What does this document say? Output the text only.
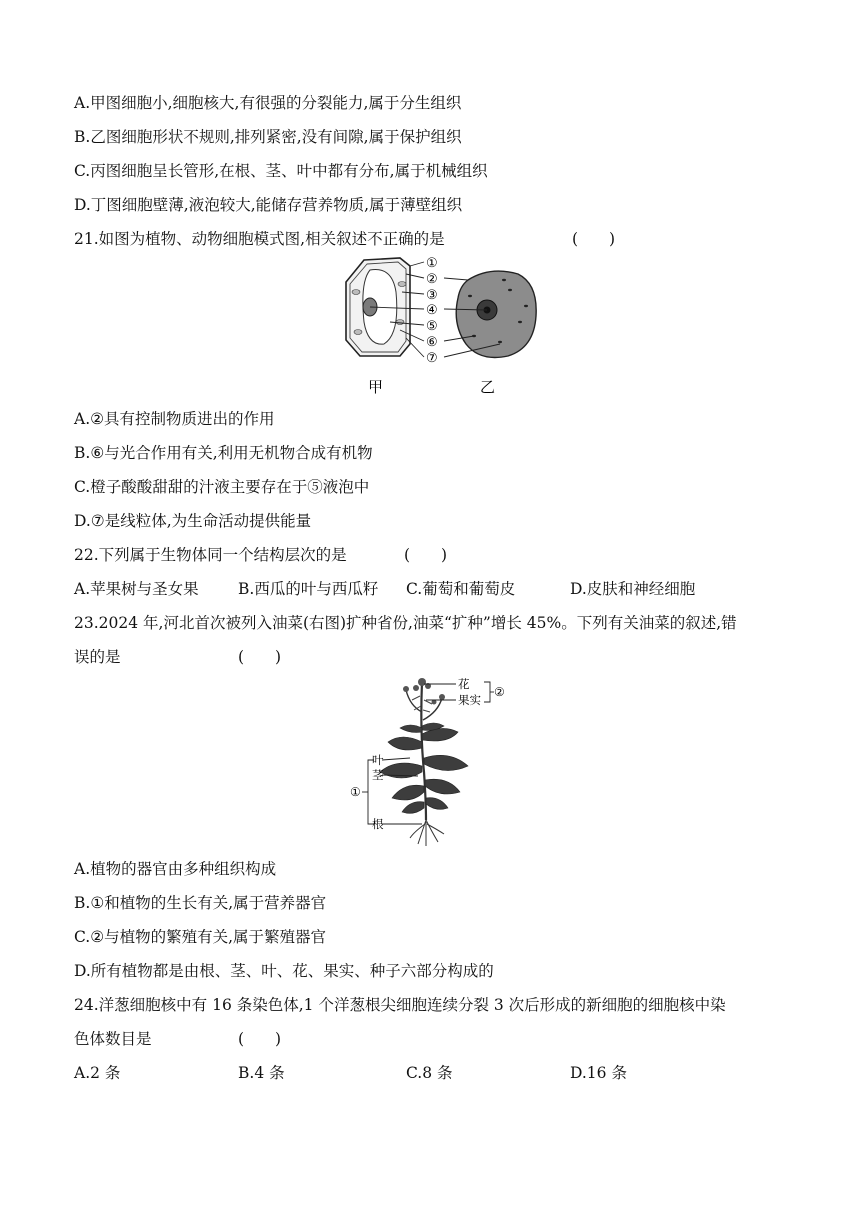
A.甲图细胞小,细胞核大,有很强的分裂能力,属于分生组织
B.乙图细胞形状不规则,排列紧密,没有间隙,属于保护组织
C.丙图细胞呈长管形,在根、茎、叶中都有分布,属于机械组织
D.丁图细胞壁薄,液泡较大,能储存营养物质,属于薄壁组织
21.如图为植物、动物细胞模式图,相关叙述不正确的是	(　　)
①
②
③
④
⑤
⑥
⑦
甲	乙
A.②具有控制物质进出的作用
B.⑥与光合作用有关,利用无机物合成有机物
C.橙子酸酸甜甜的汁液主要存在于⑤液泡中
D.⑦是线粒体,为生命活动提供能量
22.下列属于生物体同一个结构层次的是	(　　)
A.苹果树与圣女果	B.西瓜的叶与西瓜籽 C.葡萄和葡萄皮	D.皮肤和神经细胞
23.2024 年,河北首次被列入油菜(右图)扩种省份,油菜“扩种”增长 45%。下列有关油菜的叙述,错
误的是	(　　)
花
果实
②
叶
茎
根
①
A.植物的器官由多种组织构成
B.①和植物的生长有关,属于营养器官
C.②与植物的繁殖有关,属于繁殖器官
D.所有植物都是由根、茎、叶、花、果实、种子六部分构成的
24.洋葱细胞核中有 16 条染色体,1 个洋葱根尖细胞连续分裂 3 次后形成的新细胞的细胞核中染
色体数目是	(　　)
A.2 条	B.4 条	C.8 条	D.16 条
